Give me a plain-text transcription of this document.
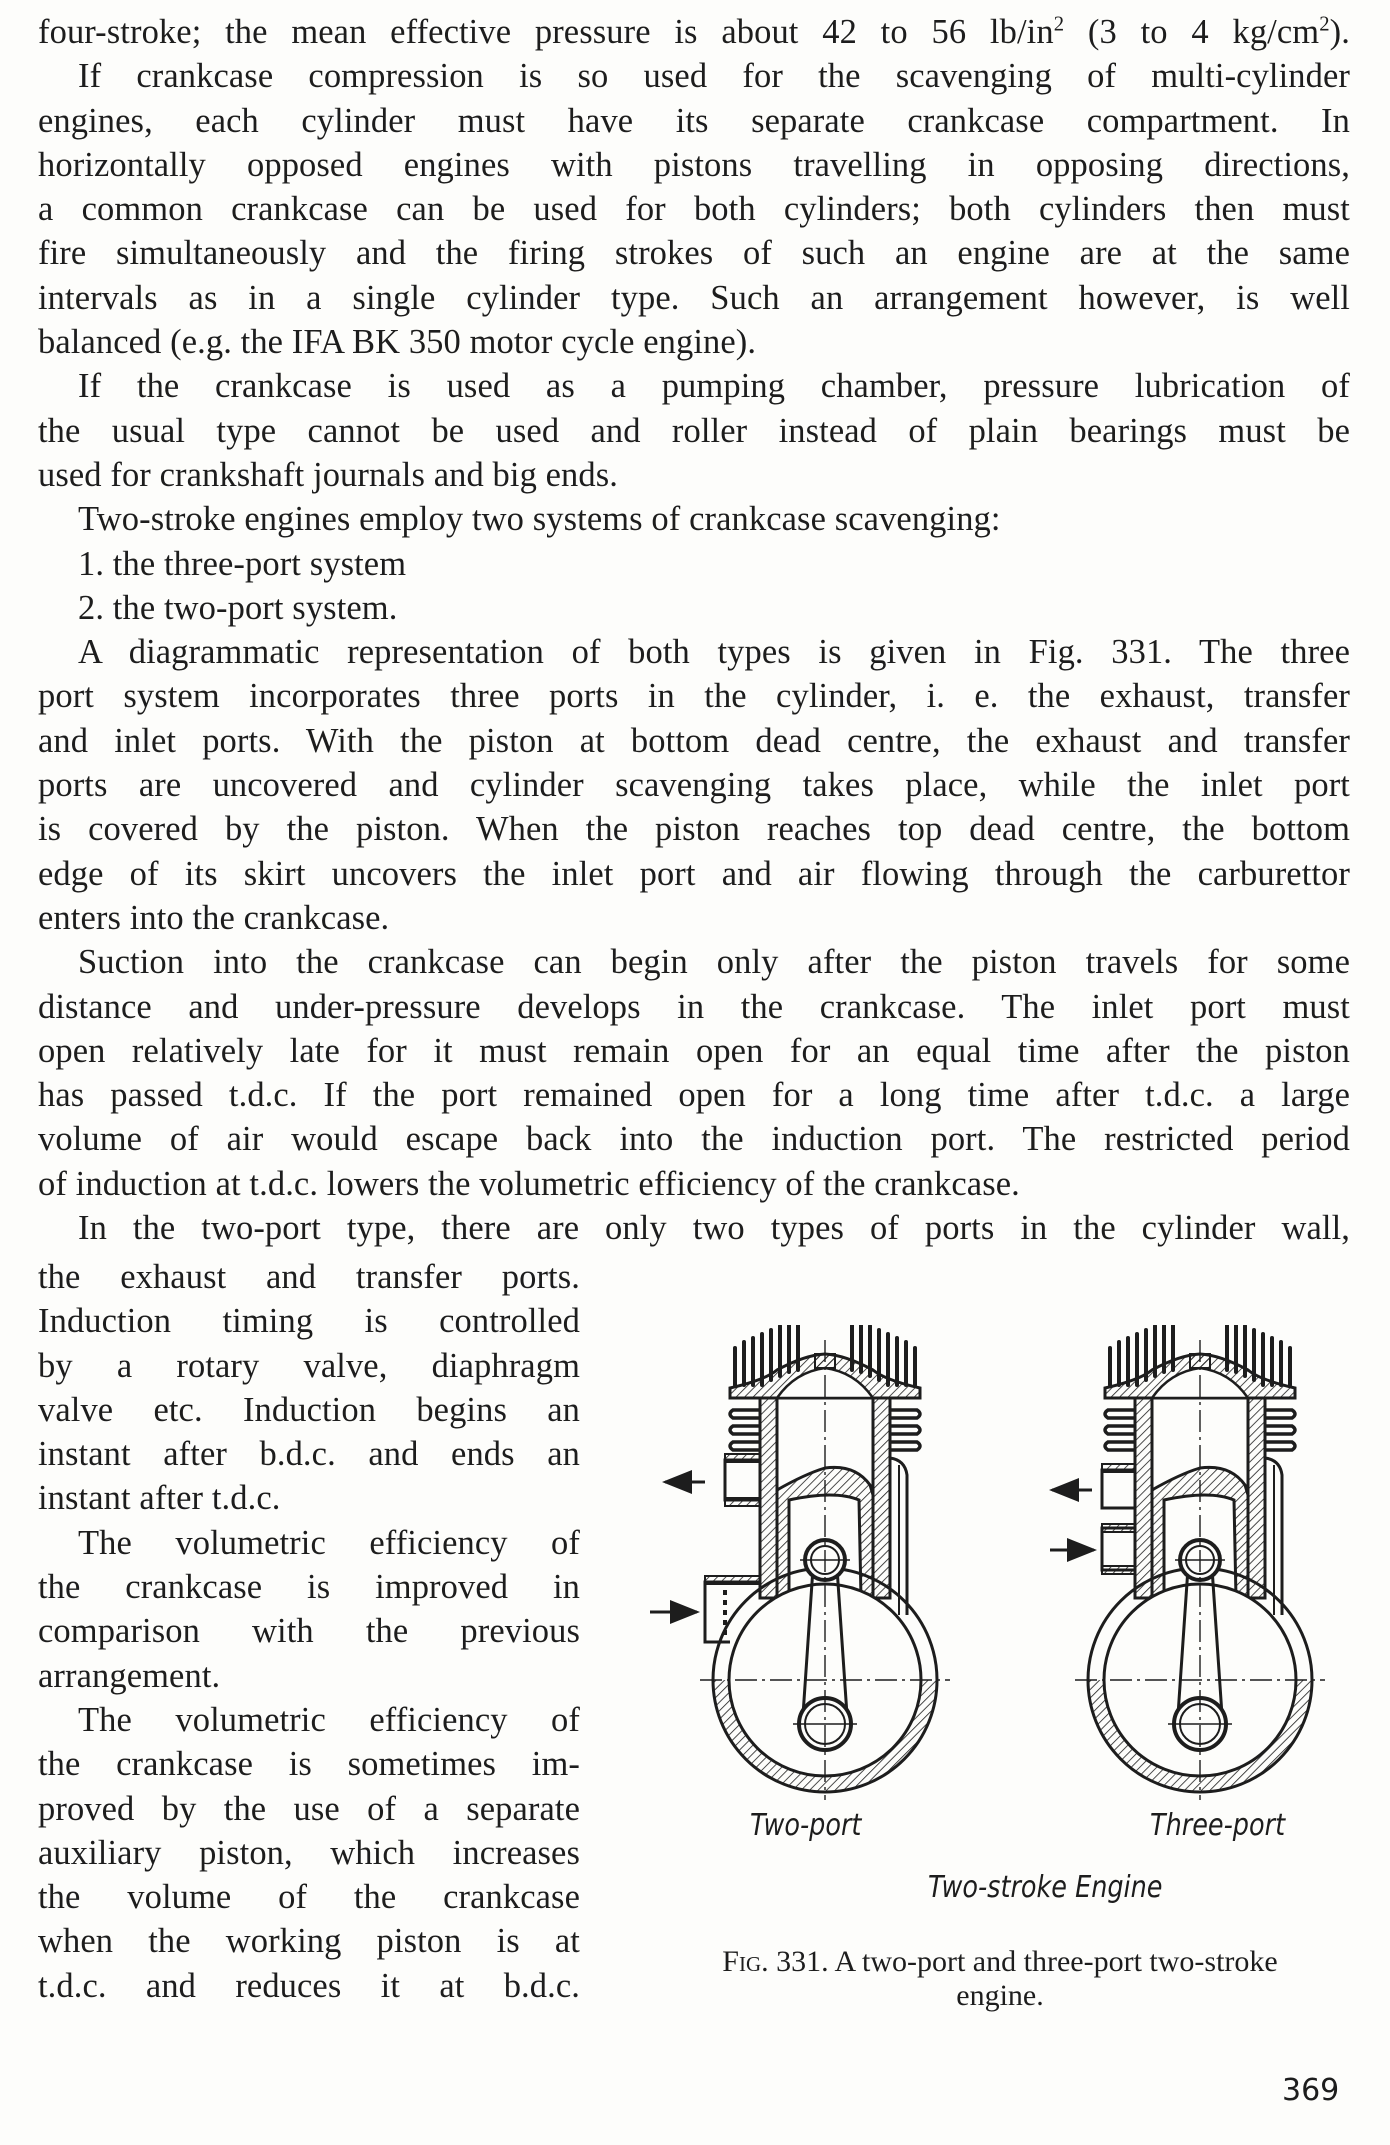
four-stroke; the mean effective pressure is about 42 to 56 $lb/in^2$ (3 to 4 $kg/cm^2$).
If crankcase compression is so used for the scavenging of multi-cylinder
engines, each cylinder must have its separate crankcase compartment. In
horizontally opposed engines with pistons travelling in opposing directions,
a common crankcase can be used for both cylinders; both cylinders then must
fire simultaneously and the firing strokes of such an engine are at the same
intervals as in a single cylinder type. Such an arrangement however, is well
balanced (e.g. the IFA BK 350 motor cycle engine).
If the crankcase is used as a pumping chamber, pressure lubrication of
the usual type cannot be used and roller instead of plain bearings must be
used for crankshaft journals and big ends.
Two-stroke engines employ two systems of crankcase scavenging:
1. the three-port system
2. the two-port system.
A diagrammatic representation of both types is given in Fig. 331. The three
port system incorporates three ports in the cylinder, i. e. the exhaust, transfer
and inlet ports. With the piston at bottom dead centre, the exhaust and transfer
ports are uncovered and cylinder scavenging takes place, while the inlet port
is covered by the piston. When the piston reaches top dead centre, the bottom
edge of its skirt uncovers the inlet port and air flowing through the carburettor
enters into the crankcase.
Suction into the crankcase can begin only after the piston travels for some
distance and under-pressure develops in the crankcase. The inlet port must
open relatively late for it must remain open for an equal time after the piston
has passed t.d.c. If the port remained open for a long time after t.d.c. a large
volume of air would escape back into the induction port. The restricted period
of induction at t.d.c. lowers the volumetric efficiency of the crankcase.
In the two-port type, there are only two types of ports in the cylinder wall,
the exhaust and transfer ports.
Induction timing is controlled
by a rotary valve, diaphragm
valve etc. Induction begins an
instant after b.d.c. and ends an
instant after t.d.c.
The volumetric efficiency of
the crankcase is improved in
comparison with the previous
arrangement.
The volumetric efficiency of
the crankcase is sometimes im-
proved by the use of a separate
auxiliary piston, which increases
the volume of the crankcase
when the working piston is at
t.d.c. and reduces it at b.d.c.
Two-port	Three-port
Two-stroke Engine
Fig. 331. A two-port and three-port two-stroke
engine.
369
